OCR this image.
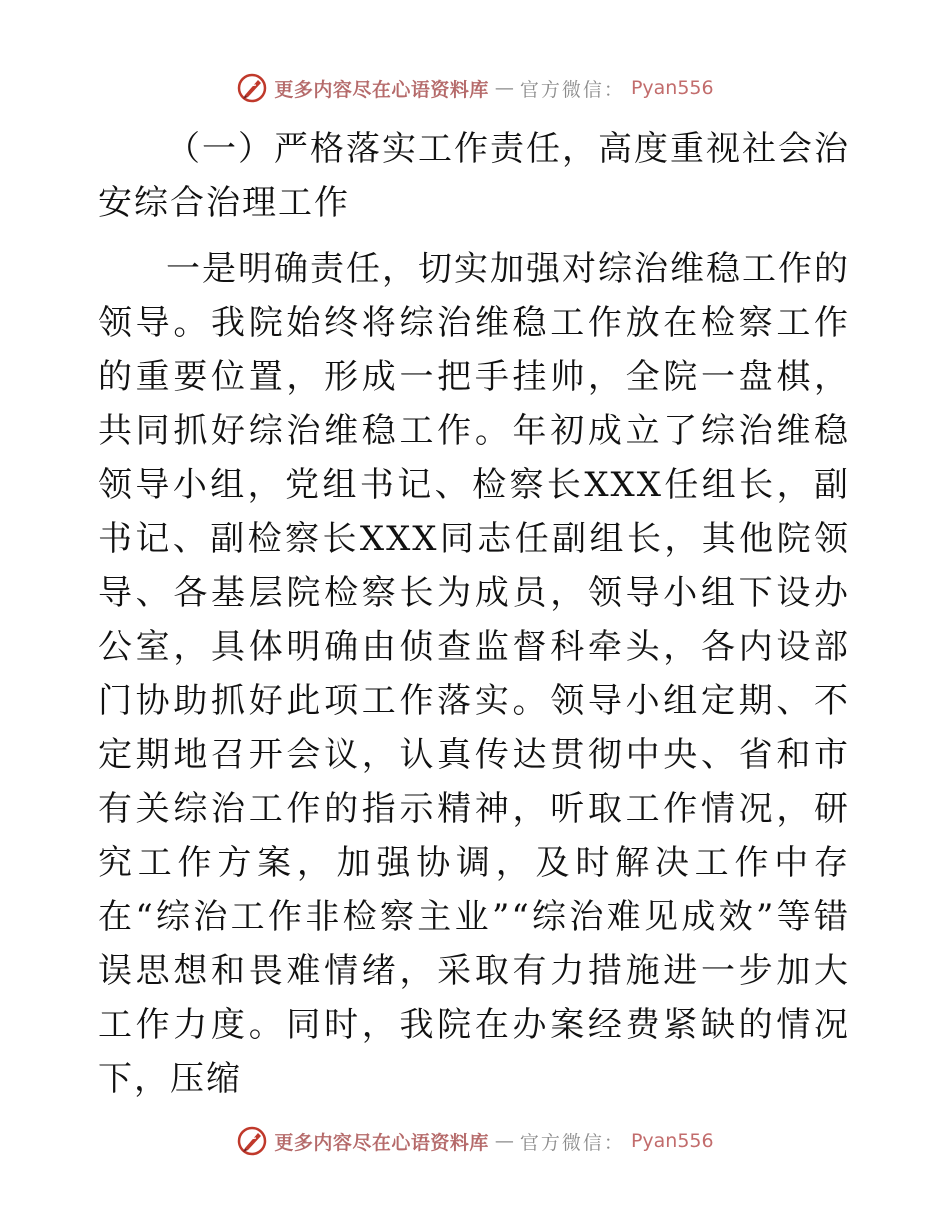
更多内容尽在心语资料库 — 官方微信： Pyan556

（一）严格落实工作责任，高度重视社会治安综合治理工作

一是明确责任，切实加强对综治维稳工作的领导。我院始终将综治维稳工作放在检察工作的重要位置，形成一把手挂帅，全院一盘棋，共同抓好综治维稳工作。年初成立了综治维稳领导小组，党组书记、检察长XXX任组长，副书记、副检察长XXX同志任副组长，其他院领导、各基层院检察长为成员，领导小组下设办公室，具体明确由侦查监督科牵头，各内设部门协助抓好此项工作落实。领导小组定期、不定期地召开会议，认真传达贯彻中央、省和市有关综治工作的指示精神，听取工作情况，研究工作方案，加强协调，及时解决工作中存在“综治工作非检察主业”“综治难见成效”等错误思想和畏难情绪，采取有力措施进一步加大工作力度。同时，我院在办案经费紧缺的情况下，压缩

更多内容尽在心语资料库 — 官方微信： Pyan556
